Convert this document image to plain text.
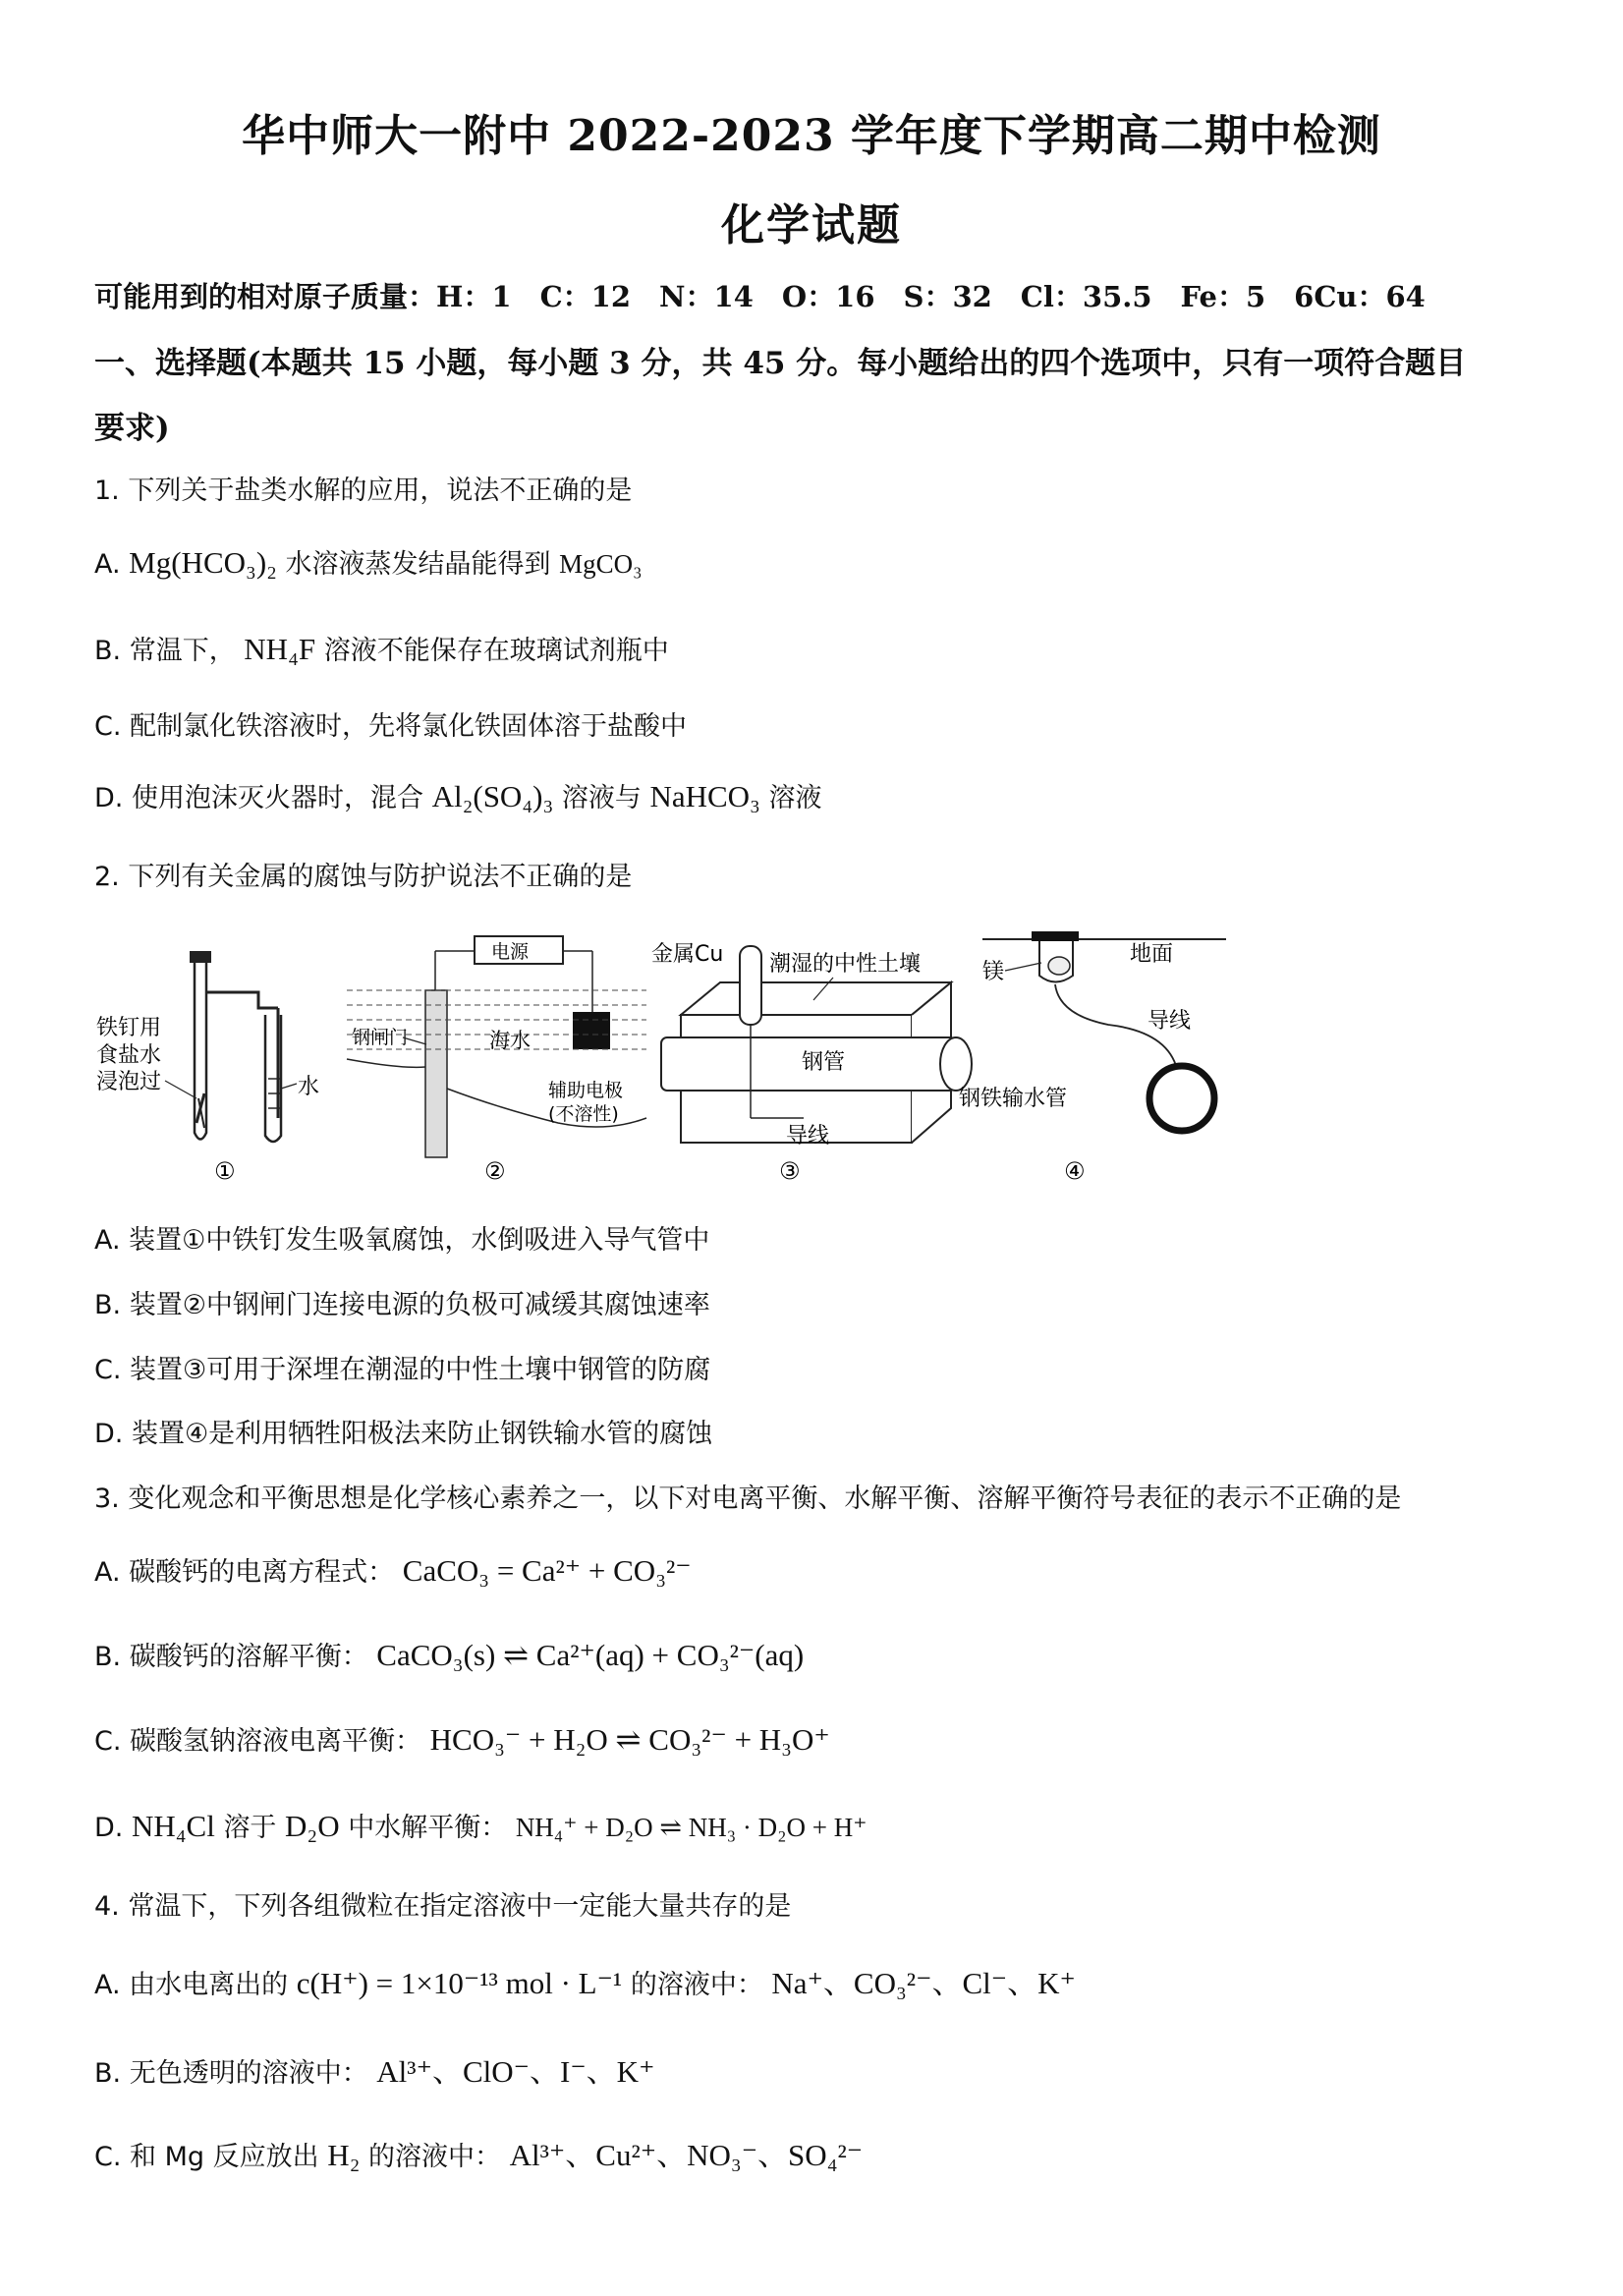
华中师大一附中 2022-2023 学年度下学期高二期中检测
化学试题
可能用到的相对原子质量：H：1　C：12　N：14　O：16　S：32　Cl：35.5　Fe：5　6Cu：64
一、选择题(本题共 15 小题，每小题 3 分，共 45 分。每小题给出的四个选项中，只有一项符合题目
要求)
1. 下列关于盐类水解的应用，说法不正确的是
A. Mg(HCO₃)₂ 水溶液蒸发结晶能得到 MgCO₃
B. 常温下， NH₄F 溶液不能保存在玻璃试剂瓶中
C. 配制氯化铁溶液时，先将氯化铁固体溶于盐酸中
D. 使用泡沫灭火器时，混合 Al₂(SO₄)₃ 溶液与 NaHCO₃ 溶液
2. 下列有关金属的腐蚀与防护说法不正确的是
铁钉用
食盐水
浸泡过	水
①
电源
钢闸门	海水
辅助电极
(不溶性)
②
金属Cu 潮湿的中性土壤
钢管
导线
③
镁
地面
导线
钢铁输水管
④
A. 装置①中铁钉发生吸氧腐蚀，水倒吸进入导气管中
B. 装置②中钢闸门连接电源的负极可减缓其腐蚀速率
C. 装置③可用于深埋在潮湿的中性土壤中钢管的防腐
D. 装置④是利用牺牲阳极法来防止钢铁输水管的腐蚀
3. 变化观念和平衡思想是化学核心素养之一，以下对电离平衡、水解平衡、溶解平衡符号表征的表示不正确的是
A. 碳酸钙的电离方程式： CaCO₃ = Ca²⁺ + CO₃²⁻
B. 碳酸钙的溶解平衡： CaCO₃(s) ⇌ Ca²⁺(aq) + CO₃²⁻(aq)
C. 碳酸氢钠溶液电离平衡： HCO₃⁻ + H₂O ⇌ CO₃²⁻ + H₃O⁺
D. NH₄Cl 溶于 D₂O 中水解平衡： NH₄⁺ + D₂O ⇌ NH₃ · D₂O + H⁺
4. 常温下，下列各组微粒在指定溶液中一定能大量共存的是
A. 由水电离出的 c(H⁺) = 1×10⁻¹³ mol · L⁻¹ 的溶液中： Na⁺、CO₃²⁻、Cl⁻、K⁺
B. 无色透明的溶液中： Al³⁺、ClO⁻、I⁻、K⁺
C. 和 Mg 反应放出 H₂ 的溶液中： Al³⁺、Cu²⁺、NO₃⁻、SO₄²⁻
